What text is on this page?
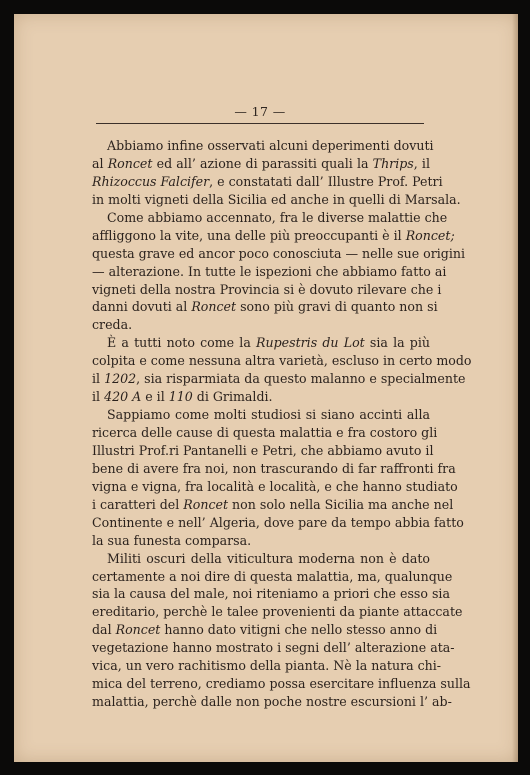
— 17 —
Abbiamo infine osservati alcuni deperimenti dovuti
al Roncet ed all’ azione di parassiti quali la Thrips, il
Rhizoccus Falcifer, e constatati dall’ Illustre Prof. Petri
in molti vigneti della Sicilia ed anche in quelli di Marsala.
Come abbiamo accennato, fra le diverse malattie che
affliggono la vite, una delle più preoccupanti è il Roncet;
questa grave ed ancor poco conosciuta — nelle sue origini
— alterazione. In tutte le ispezioni che abbiamo fatto ai
vigneti della nostra Provincia si è dovuto rilevare che i
danni dovuti al Roncet sono più gravi di quanto non si
creda.
È a tutti noto come la Rupestris du Lot sia la più
colpita e come nessuna altra varietà, escluso in certo modo
il 1202, sia risparmiata da questo malanno e specialmente
il 420 A e il 110 di Grimaldi.
Sappiamo come molti studiosi si siano accinti alla
ricerca delle cause di questa malattia e fra costoro gli
Illustri Prof.ri Pantanelli e Petri, che abbiamo avuto il
bene di avere fra noi, non trascurando di far raffronti fra
vigna e vigna, fra località e località, e che hanno studiato
i caratteri del Roncet non solo nella Sicilia ma anche nel
Continente e nell’ Algeria, dove pare da tempo abbia fatto
la sua funesta comparsa.
Militi oscuri della viticultura moderna non è dato
certamente a noi dire di questa malattia, ma, qualunque
sia la causa del male, noi riteniamo a priori che esso sia
ereditario, perchè le talee provenienti da piante attaccate
dal Roncet hanno dato vitigni che nello stesso anno di
vegetazione hanno mostrato i segni dell’ alterazione ata-
vica, un vero rachitismo della pianta. Nè la natura chi-
mica del terreno, crediamo possa esercitare influenza sulla
malattia, perchè dalle non poche nostre escursioni l’ ab-
